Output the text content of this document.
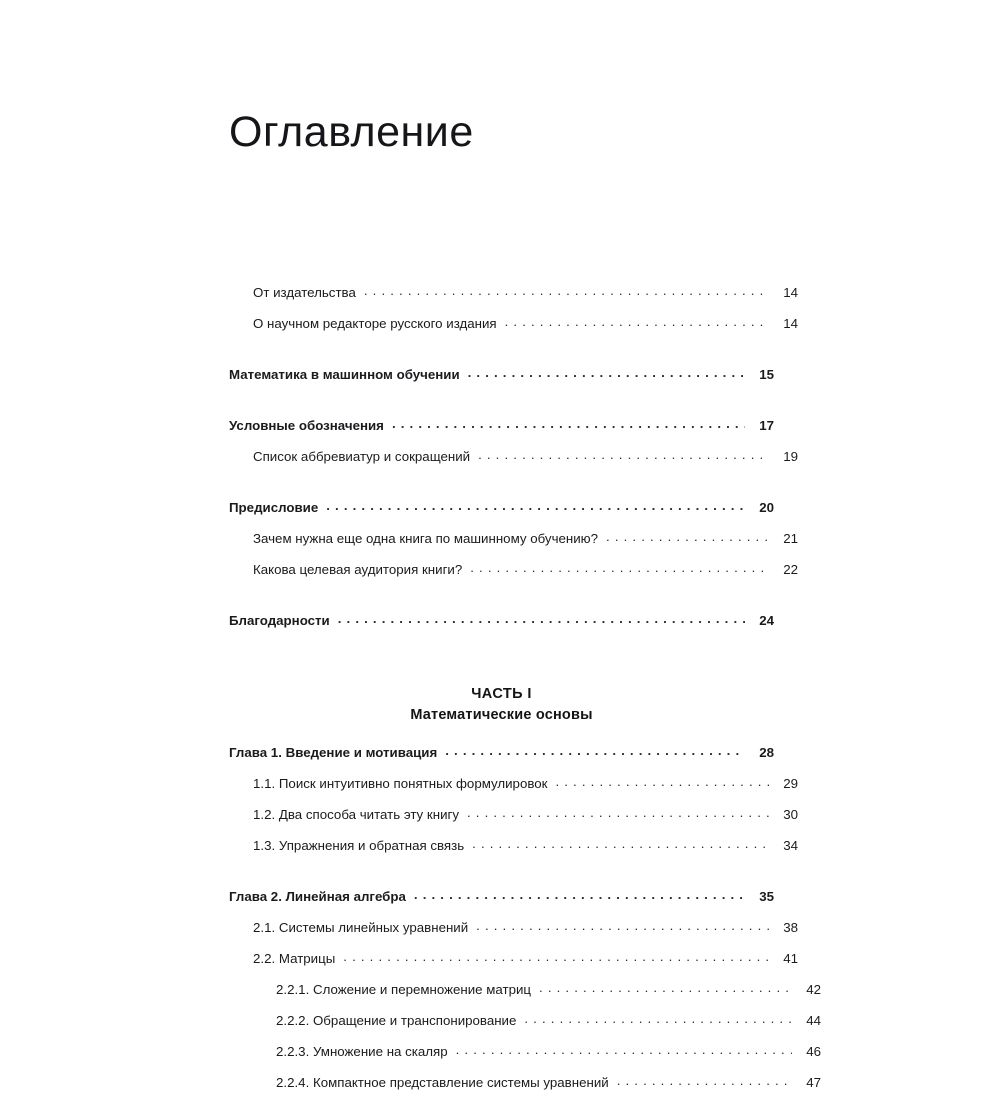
Оглавление
От издательства .....	14
О научном редакторе русского издания .....	14
Математика в машинном обучении .....	15
Условные обозначения .....	17
Список аббревиатур и сокращений .....	19
Предисловие .....	20
Зачем нужна еще одна книга по машинному обучению? .....	21
Какова целевая аудитория книги? .....	22
Благодарности .....	24
ЧАСТЬ I
Математические основы
Глава 1. Введение и мотивация .....	28
1.1. Поиск интуитивно понятных формулировок .....	29
1.2. Два способа читать эту книгу .....	30
1.3. Упражнения и обратная связь .....	34
Глава 2. Линейная алгебра .....	35
2.1. Системы линейных уравнений .....	38
2.2. Матрицы .....	41
2.2.1. Сложение и перемножение матриц .....	42
2.2.2. Обращение и транспонирование .....	44
2.2.3. Умножение на скаляр .....	46
2.2.4. Компактное представление системы уравнений .....	47
